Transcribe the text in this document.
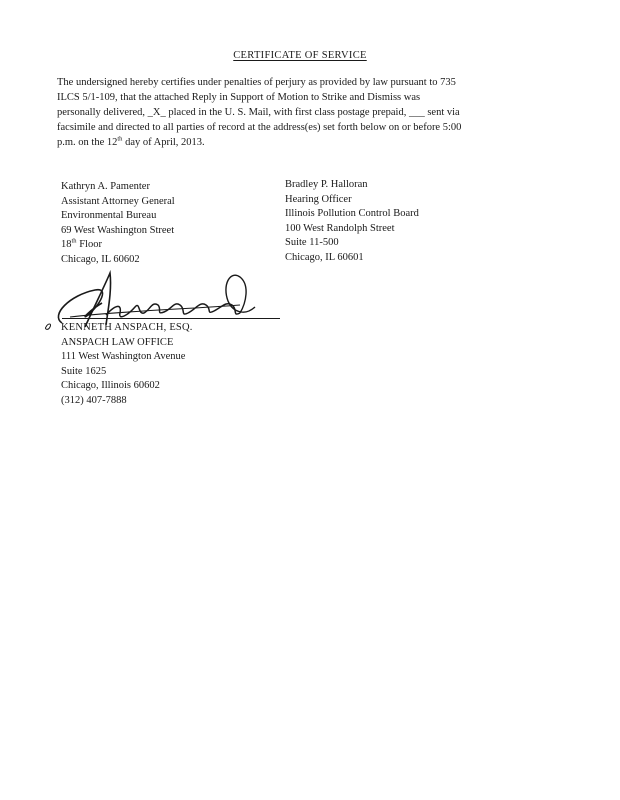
CERTIFICATE OF SERVICE
The undersigned hereby certifies under penalties of perjury as provided by law pursuant to 735
ILCS 5/1-109, that the attached Reply in Support of Motion to Strike and Dismiss was
personally delivered, _X_ placed in the U. S. Mail, with first class postage prepaid, ___ sent via
facsimile and directed to all parties of record at the address(es) set forth below on or before 5:00
p.m. on the 12th day of April, 2013.
Kathryn A. Pamenter
Assistant Attorney General
Environmental Bureau
69 West Washington Street
18th Floor
Chicago, IL 60602
Bradley P. Halloran
Hearing Officer
Illinois Pollution Control Board
100 West Randolph Street
Suite 11-500
Chicago, IL 60601
KENNETH ANSPACH, ESQ.
ANSPACH LAW OFFICE
111 West Washington Avenue
Suite 1625
Chicago, Illinois 60602
(312) 407-7888
